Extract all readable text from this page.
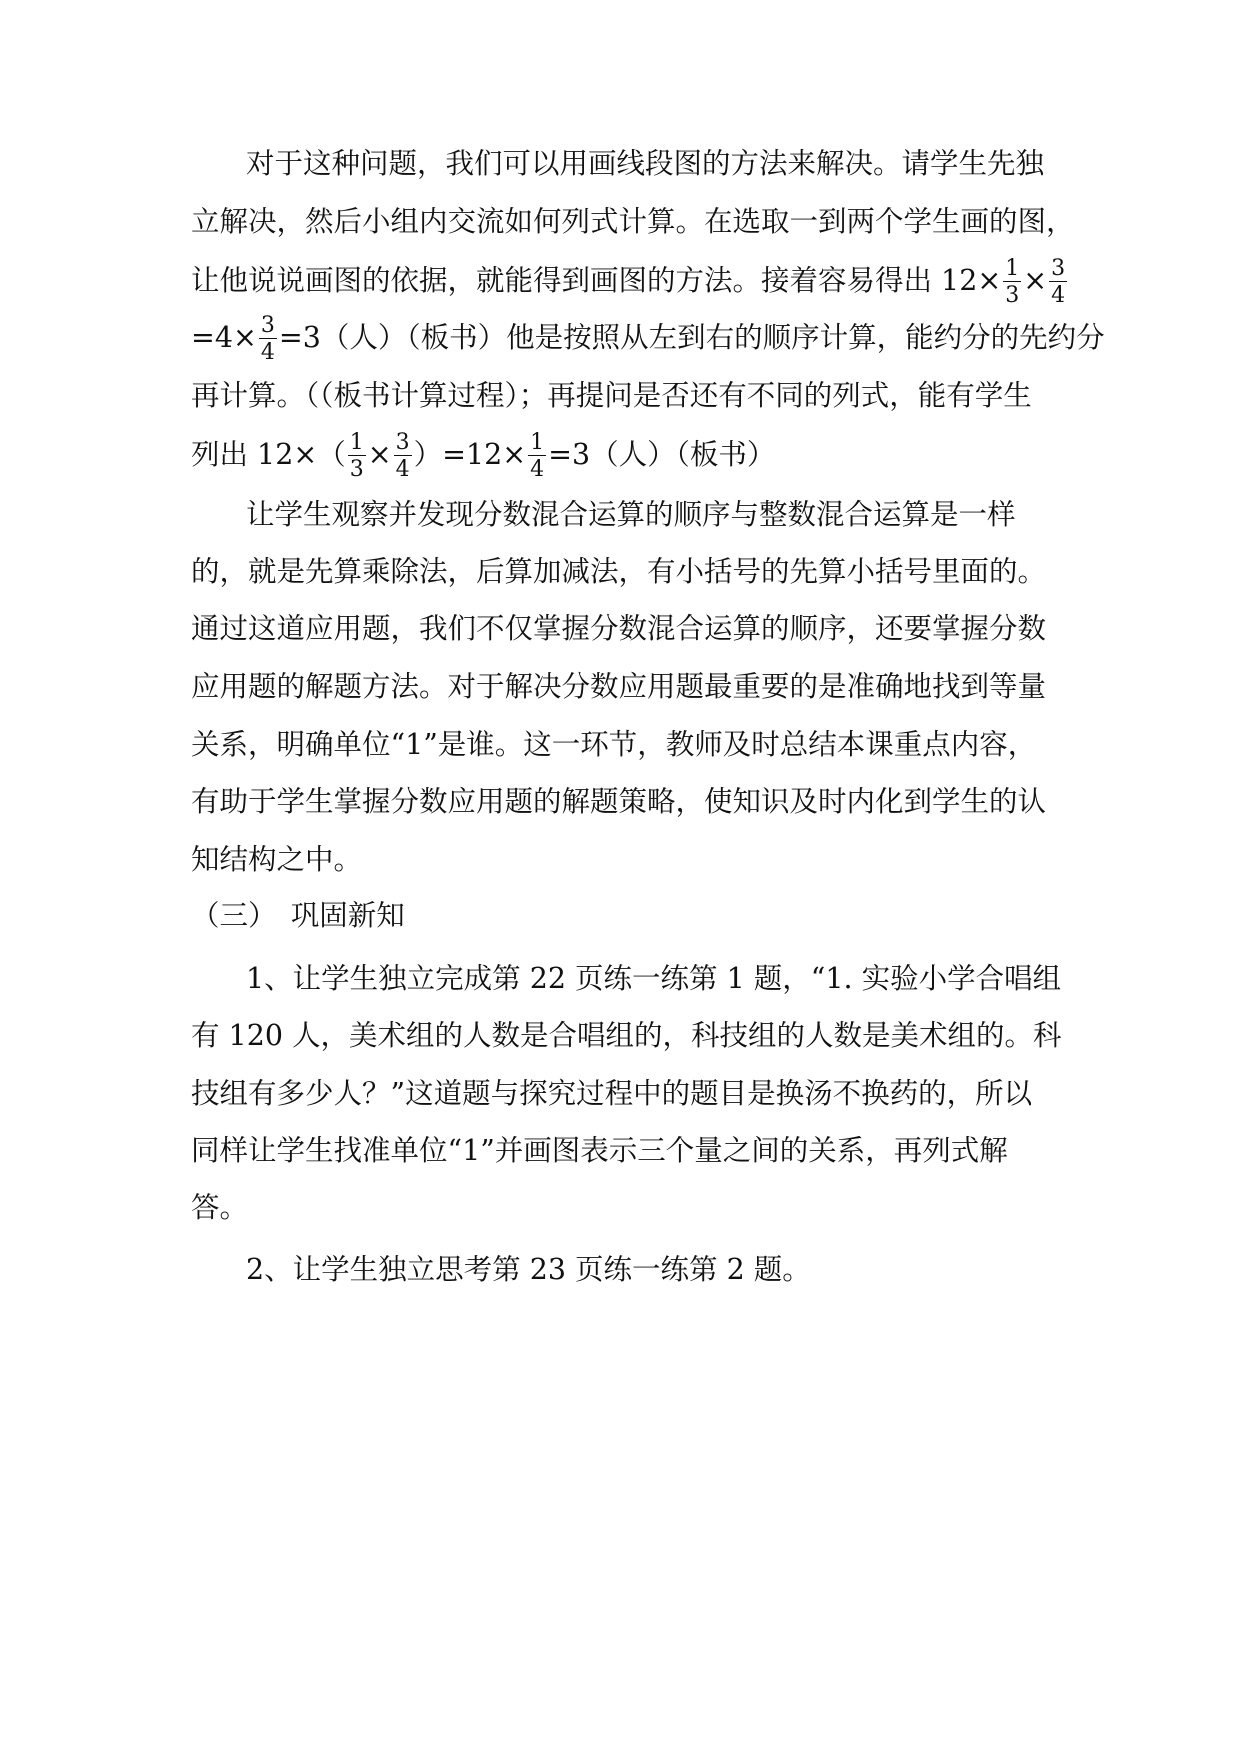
对于这种问题，我们可以用画线段图的方法来解决。请学生先独
立解决，然后小组内交流如何列式计算。在选取一到两个学生画的图，
让他说说画图的依据，就能得到画图的方法。接着容易得出 $12\times \frac{1}{3} \times \frac{3}{4}$
$=4\times \frac{3}{4} =3$（人）（板书）他是按照从左到右的顺序计算，能约分的先约分
再计算。（（板书计算过程）；再提问是否还有不同的列式，能有学生
列出 $12\times( \frac{1}{3} \times \frac{3}{4} )=12\times \frac{1}{4} =3$（人）（板书）
让学生观察并发现分数混合运算的顺序与整数混合运算是一样
的，就是先算乘除法，后算加减法，有小括号的先算小括号里面的。
通过这道应用题，我们不仅掌握分数混合运算的顺序，还要掌握分数
应用题的解题方法。对于解决分数应用题最重要的是准确地找到等量
关系，明确单位“1”是谁。这一环节，教师及时总结本课重点内容，
有助于学生掌握分数应用题的解题策略，使知识及时内化到学生的认
知结构之中。
（三）　巩固新知
1、让学生独立完成第 22 页练一练第 1 题，“1. 实验小学合唱组
有 120 人，美术组的人数是合唱组的，科技组的人数是美术组的。科
技组有多少人？”这道题与探究过程中的题目是换汤不换药的，所以
同样让学生找准单位“1”并画图表示三个量之间的关系，再列式解
答。
2、让学生独立思考第 23 页练一练第 2 题。
